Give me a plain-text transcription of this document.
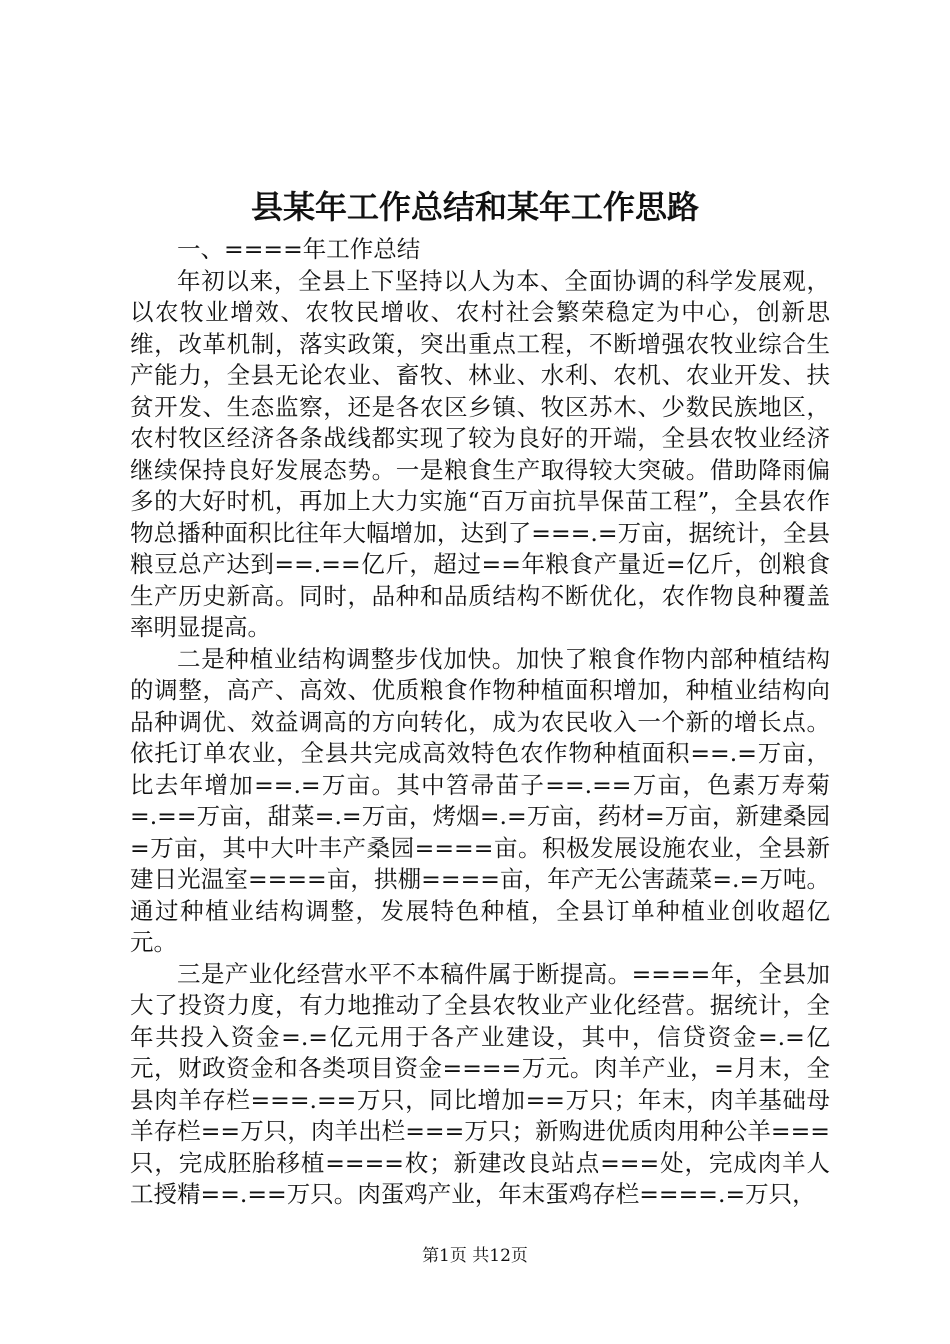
县某年工作总结和某年工作思路

一、====年工作总结

年初以来，全县上下坚持以人为本、全面协调的科学发展观，以农牧业增效、农牧民增收、农村社会繁荣稳定为中心，创新思维，改革机制，落实政策，突出重点工程，不断增强农牧业综合生产能力，全县无论农业、畜牧、林业、水利、农机、农业开发、扶贫开发、生态监察，还是各农区乡镇、牧区苏木、少数民族地区，农村牧区经济各条战线都实现了较为良好的开端，全县农牧业经济继续保持良好发展态势。一是粮食生产取得较大突破。借助降雨偏多的大好时机，再加上大力实施“百万亩抗旱保苗工程”，全县农作物总播种面积比往年大幅增加，达到了===.=万亩，据统计，全县粮豆总产达到==.==亿斤，超过==年粮食产量近=亿斤，创粮食生产历史新高。同时，品种和品质结构不断优化，农作物良种覆盖率明显提高。

二是种植业结构调整步伐加快。加快了粮食作物内部种植结构的调整，高产、高效、优质粮食作物种植面积增加，种植业结构向品种调优、效益调高的方向转化，成为农民收入一个新的增长点。依托订单农业，全县共完成高效特色农作物种植面积==.=万亩，比去年增加==.=万亩。其中笤帚苗子==.==万亩，色素万寿菊=.==万亩，甜菜=.=万亩，烤烟=.=万亩，药材=万亩，新建桑园=万亩，其中大叶丰产桑园====亩。积极发展设施农业，全县新建日光温室====亩，拱棚====亩，年产无公害蔬菜=.=万吨。通过种植业结构调整，发展特色种植，全县订单种植业创收超亿元。

三是产业化经营水平不本稿件属于断提高。====年，全县加大了投资力度，有力地推动了全县农牧业产业化经营。据统计，全年共投入资金=.=亿元用于各产业建设，其中，信贷资金=.=亿元，财政资金和各类项目资金====万元。肉羊产业，=月末，全县肉羊存栏===.==万只，同比增加==万只；年末，肉羊基础母羊存栏==万只，肉羊出栏===万只；新购进优质肉用种公羊===只，完成胚胎移植====枚；新建改良站点===处，完成肉羊人工授精==.==万只。肉蛋鸡产业，年末蛋鸡存栏====.=万只，

第1页 共12页
